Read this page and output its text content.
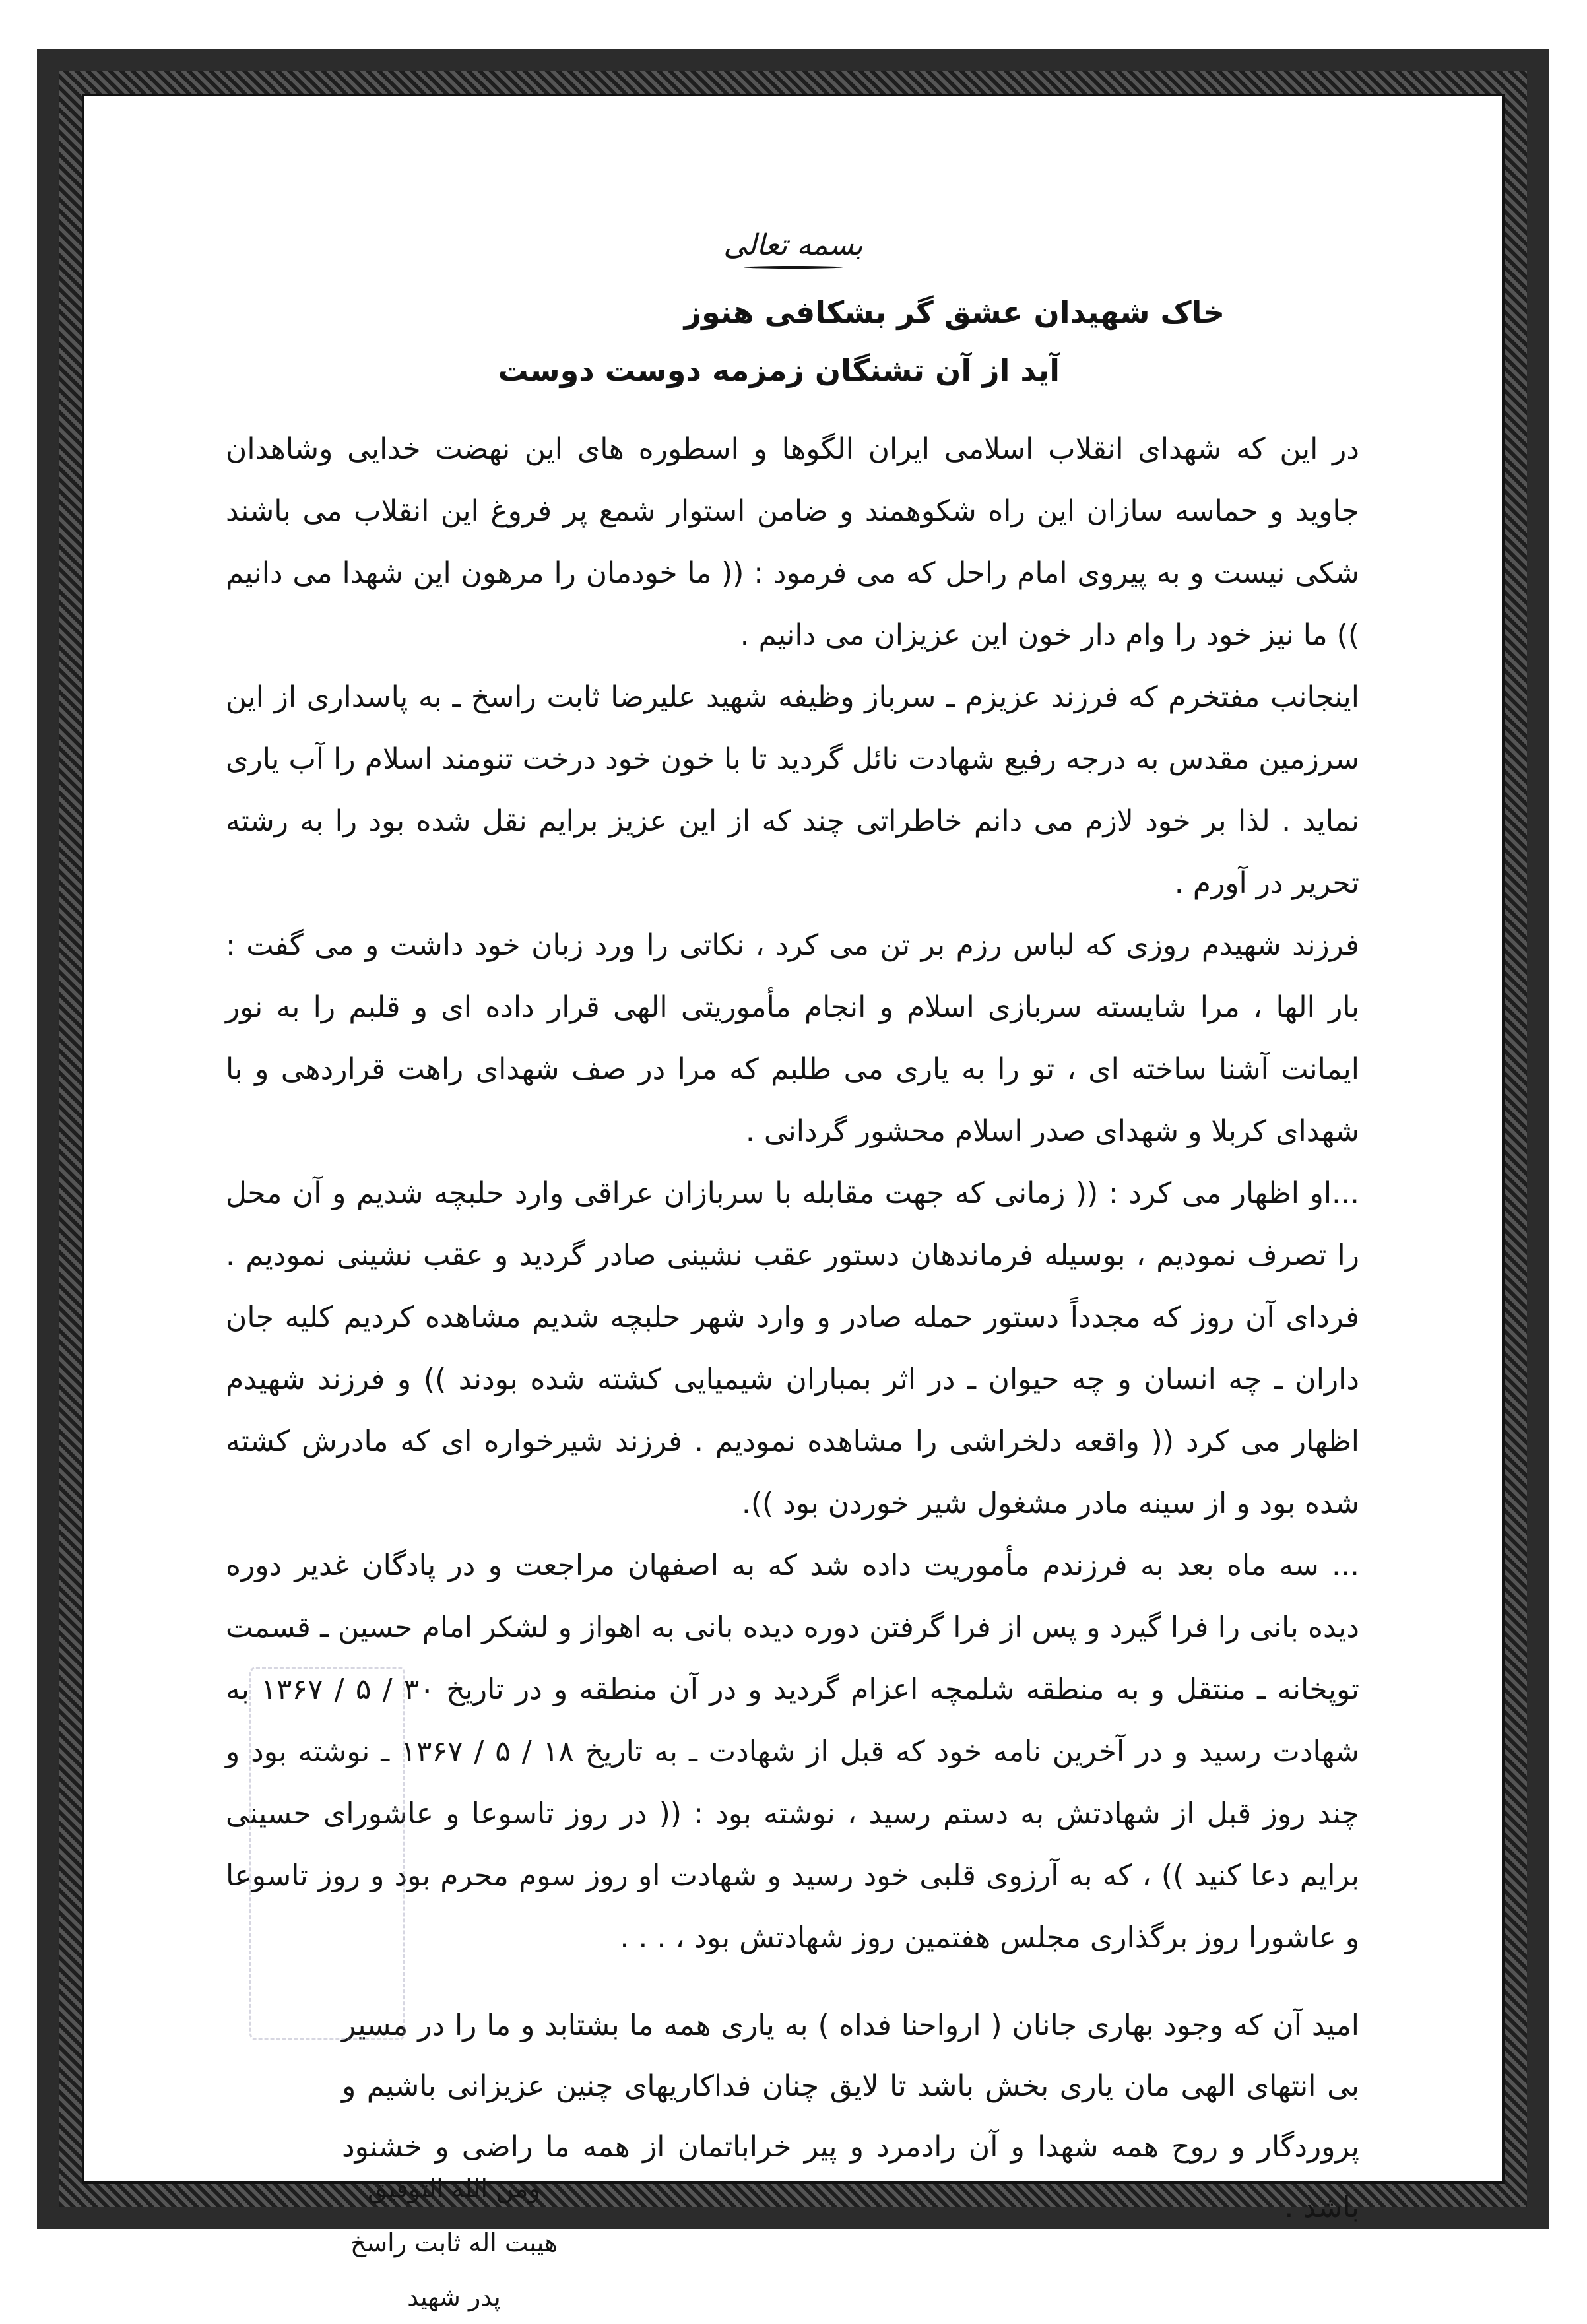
بسمه تعالی
خاک شهیدان عشق گر بشکافی هنوز
آید از آن تشنگان زمزمه دوست دوست

در این که شهدای انقلاب اسلامی ایران الگوها و اسطوره های این نهضت خدایی وشاهدان جاوید و حماسه سازان این راه شکوهمند و ضامن استوار شمع پر فروغ این انقلاب می باشند شکی نیست و به پیروی امام راحل که می فرمود : (( ما خودمان را مرهون این شهدا می دانیم )) ما نیز خود را وام دار خون این عزیزان می دانیم .

اینجانب مفتخرم که فرزند عزیزم ـ سرباز وظیفه شهید علیرضا ثابت راسخ ـ به پاسداری از این سرزمین مقدس به درجه رفیع شهادت نائل گردید تا با خون خود درخت تنومند اسلام را آب یاری نماید . لذا بر خود لازم می دانم خاطراتی چند که از این عزیز برایم نقل شده بود را به رشته تحریر در آورم .

فرزند شهیدم روزی که لباس رزم بر تن می کرد ، نکاتی را ورد زبان خود داشت و می گفت : بار الها ، مرا شایسته سربازی اسلام و انجام مأموریتی الهی قرار داده ای و قلبم را به نور ایمانت آشنا ساخته ای ، تو را به یاری می طلبم که مرا در صف شهدای راهت قراردهی و با شهدای کربلا و شهدای صدر اسلام محشور گردانی .

...او اظهار می کرد : (( زمانی که جهت مقابله با سربازان عراقی وارد حلبچه شدیم و آن محل را تصرف نمودیم ، بوسیله فرماندهان دستور عقب نشینی صادر گردید و عقب نشینی نمودیم . فردای آن روز که مجدداً دستور حمله صادر و وارد شهر حلبچه شدیم مشاهده کردیم کلیه جان داران ـ چه انسان و چه حیوان ـ در اثر بمباران شیمیایی کشته شده بودند )) و فرزند شهیدم اظهار می کرد (( واقعه دلخراشی را مشاهده نمودیم . فرزند شیرخواره ای که مادرش کشته شده بود و از سینه مادر مشغول شیر خوردن بود )).

... سه ماه بعد به فرزندم مأموریت داده شد که به اصفهان مراجعت و در پادگان غدیر دوره دیده بانی را فرا گیرد و پس از فرا گرفتن دوره دیده بانی به اهواز و لشکر امام حسین ـ قسمت توپخانه ـ منتقل و به منطقه شلمچه اعزام گردید و در آن منطقه و در تاریخ ۳۰ / ۵ / ۱۳۶۷ به شهادت رسید و در آخرین نامه خود که قبل از شهادت ـ به تاریخ ۱۸ / ۵ / ۱۳۶۷ ـ نوشته بود و چند روز قبل از شهادتش به دستم رسید ، نوشته بود : (( در روز تاسوعا و عاشورای حسینی برایم دعا کنید )) ، که به آرزوی قلبی خود رسید و شهادت او روز سوم محرم بود و روز تاسوعا و عاشورا روز برگذاری مجلس هفتمین روز شهادتش بود ، . . .

امید آن که وجود بهاری جانان ( ارواحنا فداه ) به یاری همه ما بشتابد و ما را در مسیر بی انتهای الهی مان یاری بخش باشد تا لایق چنان فداکاریهای چنین عزیزانی باشیم و پروردگار و روح همه شهدا و آن رادمرد و پیر خراباتمان از همه ما راضی و خشنود باشد .
ومن الله التوفیق
هیبت اله ثابت راسخ
پدر شهید
